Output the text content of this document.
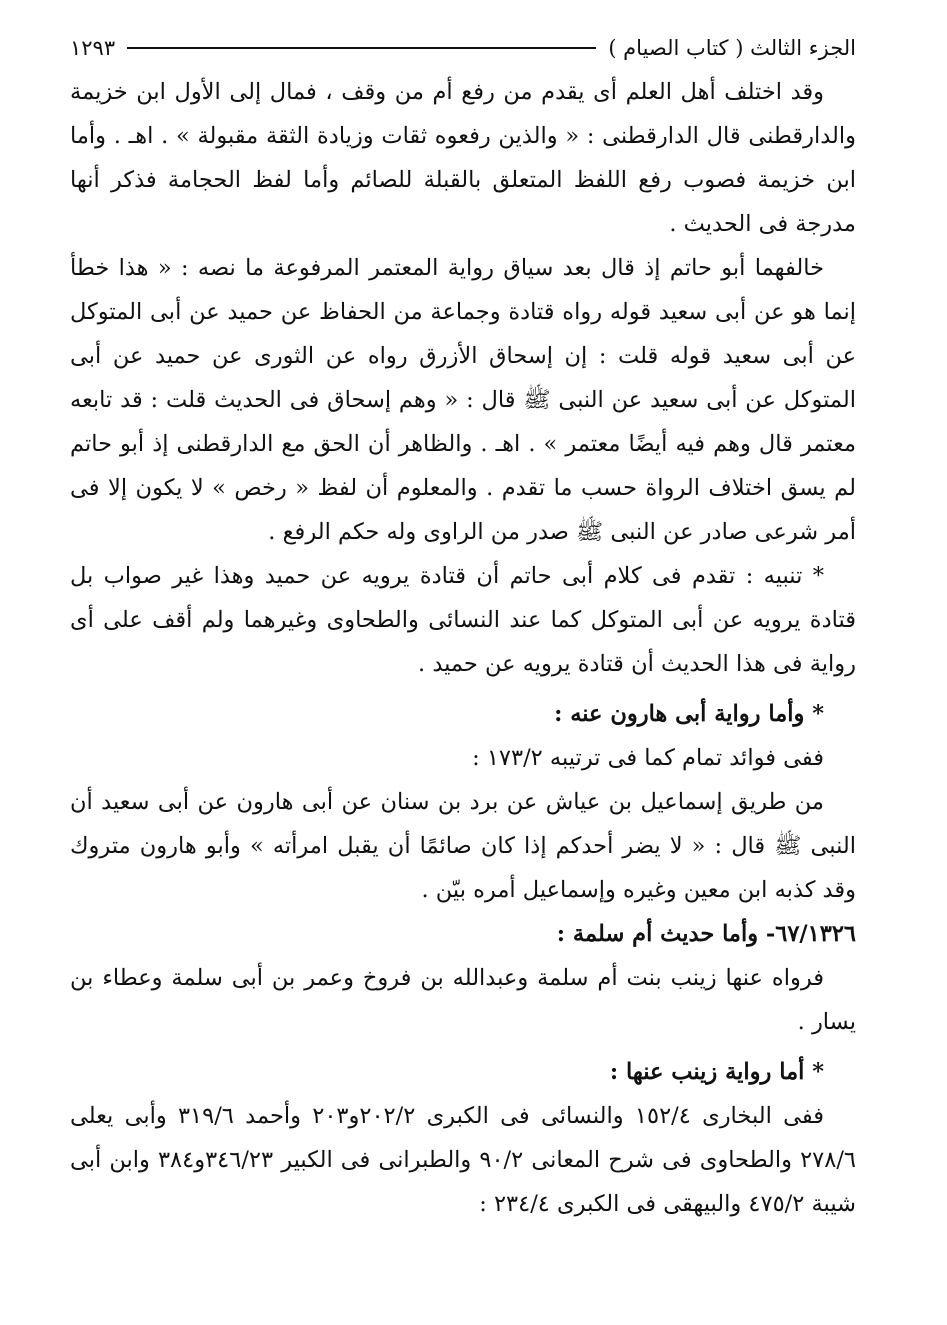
الجزء الثالث ( كتاب الصيام )
١٢٩٣

وقد اختلف أهل العلم أى يقدم من رفع أم من وقف ، فمال إلى الأول ابن خزيمة والدارقطنى قال الدارقطنى : « والذين رفعوه ثقات وزيادة الثقة مقبولة » . اهـ . وأما ابن خزيمة فصوب رفع اللفظ المتعلق بالقبلة للصائم وأما لفظ الحجامة فذكر أنها مدرجة فى الحديث .

خالفهما أبو حاتم إذ قال بعد سياق رواية المعتمر المرفوعة ما نصه : « هذا خطأ إنما هو عن أبى سعيد قوله رواه قتادة وجماعة من الحفاظ عن حميد عن أبى المتوكل عن أبى سعيد قوله قلت : إن إسحاق الأزرق رواه عن الثورى عن حميد عن أبى المتوكل عن أبى سعيد عن النبى ﷺ قال : « وهم إسحاق فى الحديث قلت : قد تابعه معتمر قال وهم فيه أيضًا معتمر » . اهـ . والظاهر أن الحق مع الدارقطنى إذ أبو حاتم لم يسق اختلاف الرواة حسب ما تقدم . والمعلوم أن لفظ « رخص » لا يكون إلا فى أمر شرعى صادر عن النبى ﷺ صدر من الراوى وله حكم الرفع .

* تنبيه : تقدم فى كلام أبى حاتم أن قتادة يرويه عن حميد وهذا غير صواب بل قتادة يرويه عن أبى المتوكل كما عند النسائى والطحاوى وغيرهما ولم أقف على أى رواية فى هذا الحديث أن قتادة يرويه عن حميد .

* وأما رواية أبى هارون عنه :

ففى فوائد تمام كما فى ترتيبه ١٧٣/٢ :

من طريق إسماعيل بن عياش عن برد بن سنان عن أبى هارون عن أبى سعيد أن النبى ﷺ قال : « لا يضر أحدكم إذا كان صائمًا أن يقبل امرأته » وأبو هارون متروك وقد كذبه ابن معين وغيره وإسماعيل أمره بيّن .

٦٧/١٣٢٦- وأما حديث أم سلمة :

فرواه عنها زينب بنت أم سلمة وعبدالله بن فروخ وعمر بن أبى سلمة وعطاء بن يسار .

* أما رواية زينب عنها :

ففى البخارى ١٥٢/٤ والنسائى فى الكبرى ٢٠٢/٢و٢٠٣ وأحمد ٣١٩/٦ وأبى يعلى ٢٧٨/٦ والطحاوى فى شرح المعانى ٩٠/٢ والطبرانى فى الكبير ٣٤٦/٢٣و٣٨٤ وابن أبى شيبة ٤٧٥/٢ والبيهقى فى الكبرى ٢٣٤/٤ :
